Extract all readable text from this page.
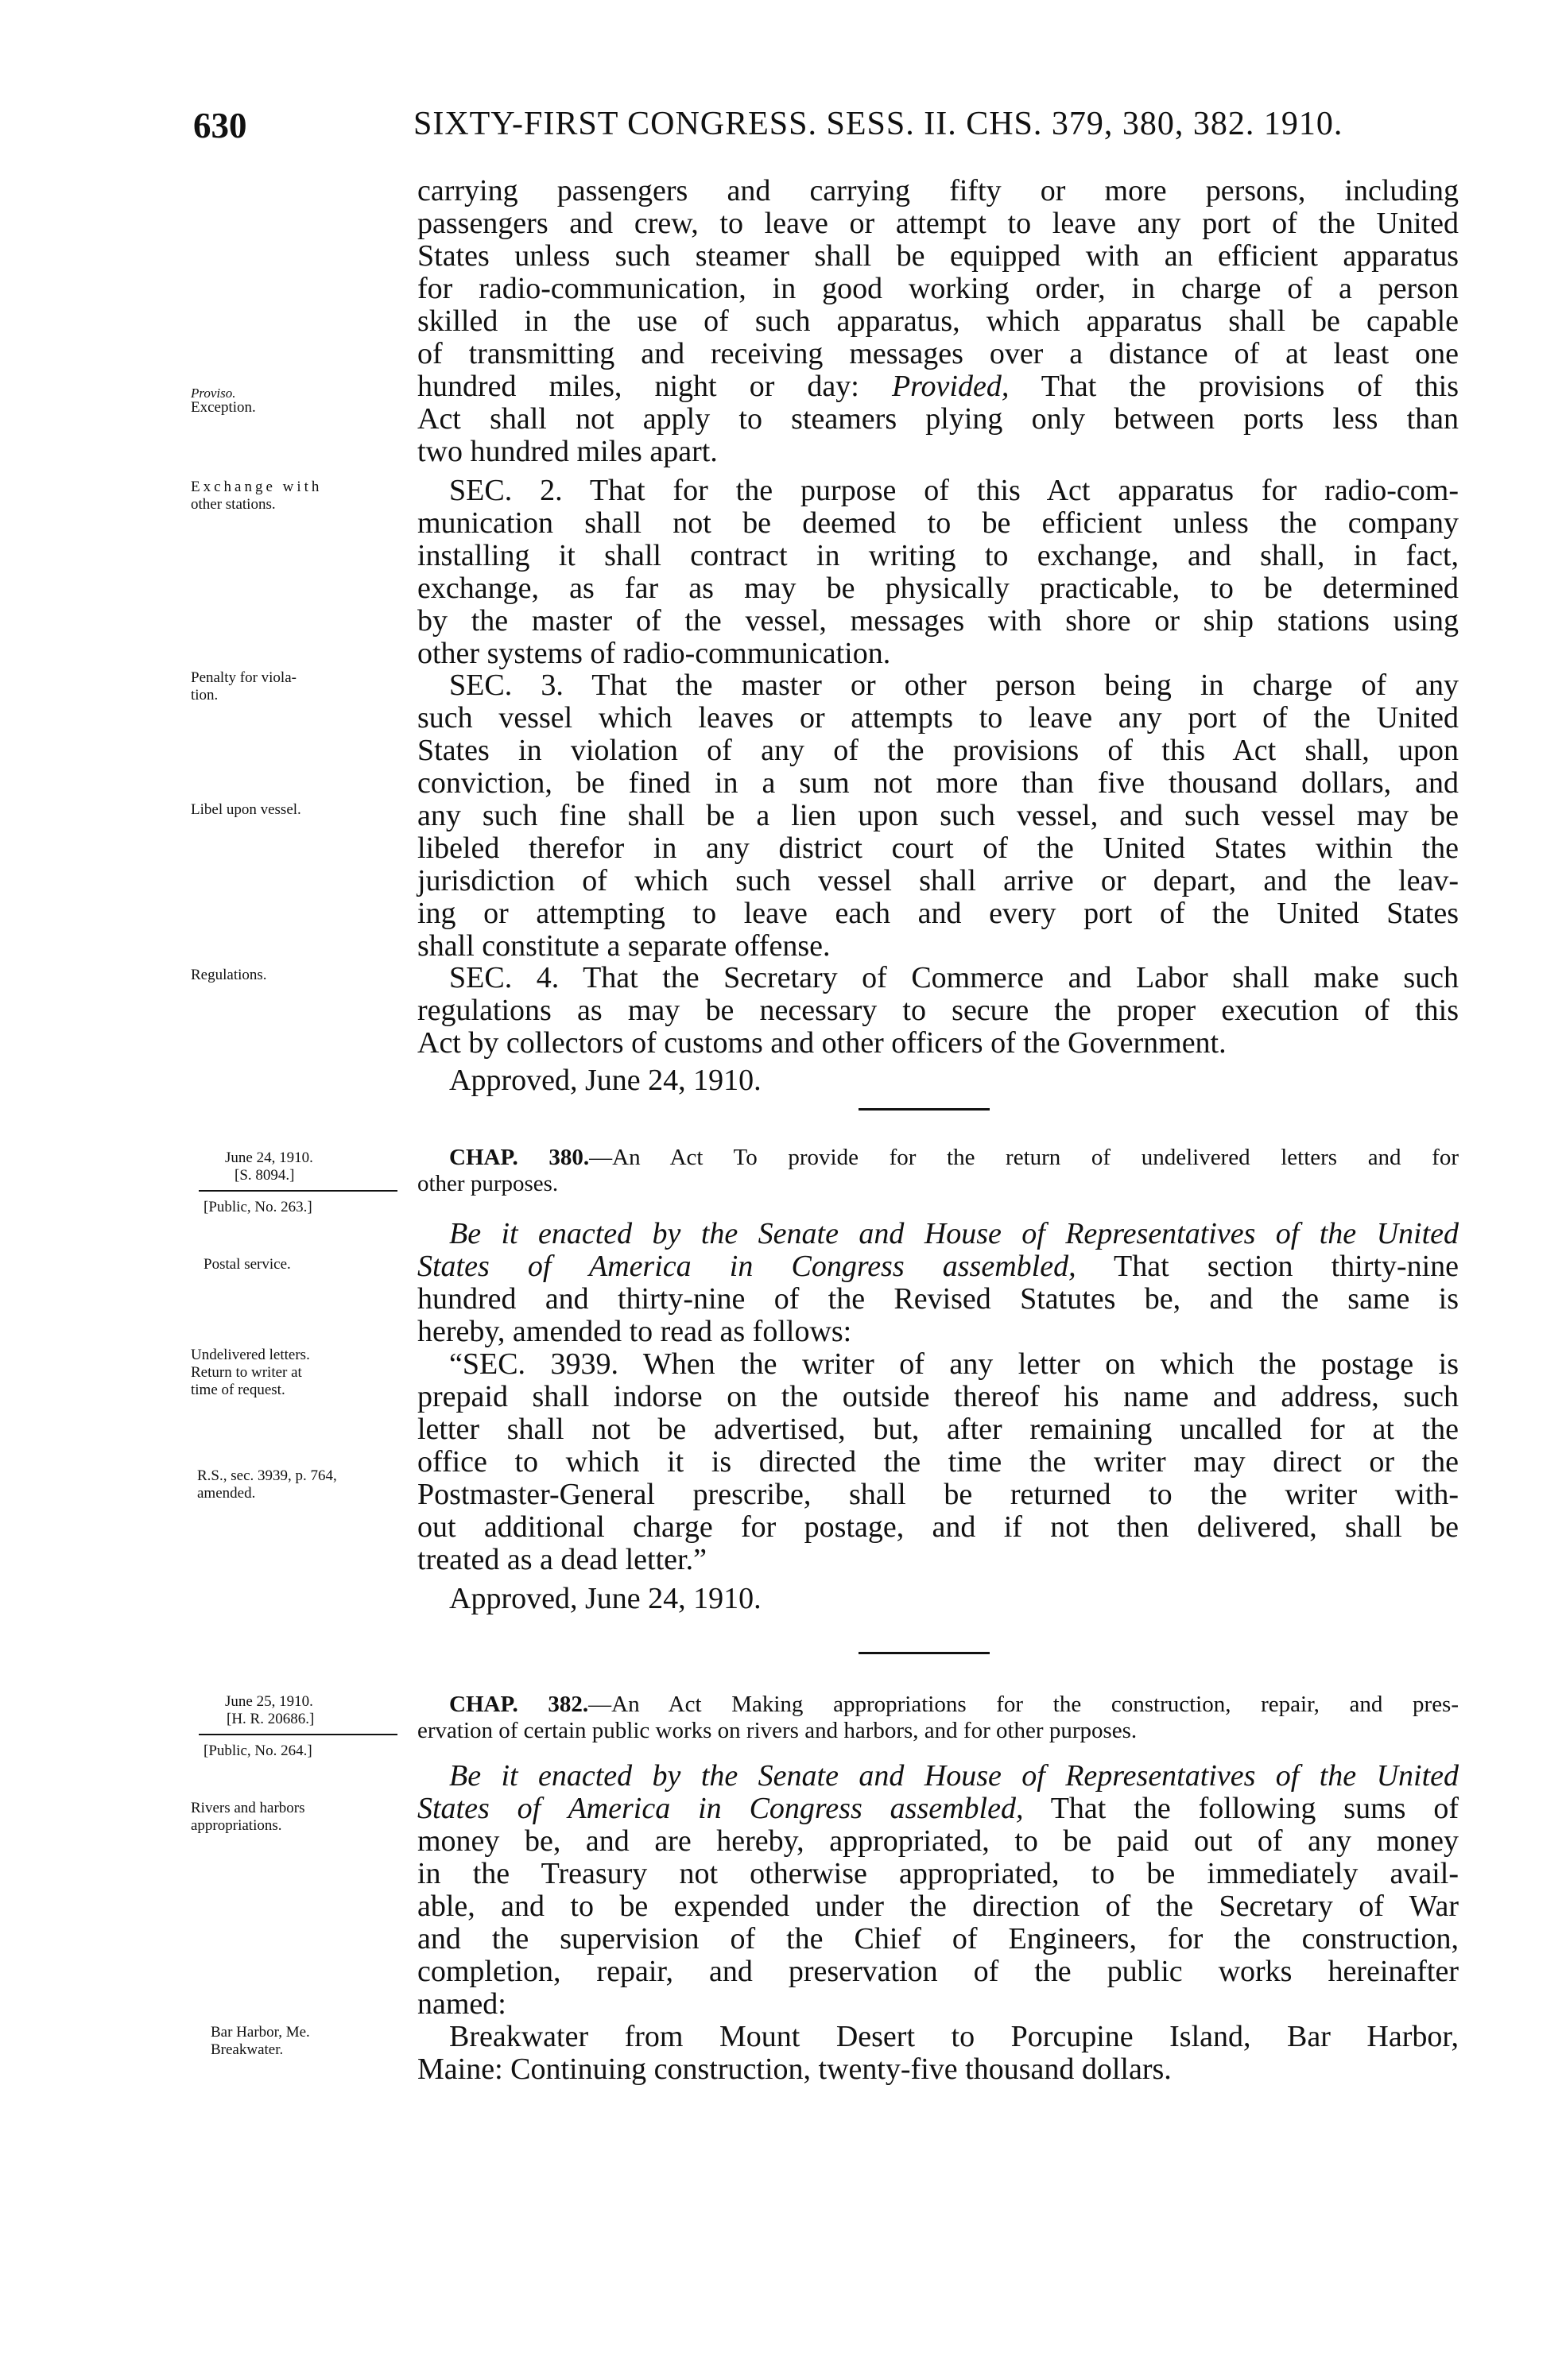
630	SIXTY-FIRST CONGRESS. SESS. II. CHS. 379, 380, 382. 1910.
carrying passengers and carrying fifty or more persons, including
passengers and crew, to leave or attempt to leave any port of the United
States unless such steamer shall be equipped with an efficient apparatus
for radio-communication, in good working order, in charge of a person
skilled in the use of such apparatus, which apparatus shall be capable
of transmitting and receiving messages over a distance of at least one
hundred miles, night or day: Provided, That the provisions of this
Act shall not apply to steamers plying only between ports less than
two hundred miles apart.
Proviso.
Exception.
SEC. 2. That for the purpose of this Act apparatus for radio-com-
munication shall not be deemed to be efficient unless the company
installing it shall contract in writing to exchange, and shall, in fact,
exchange, as far as may be physically practicable, to be determined
by the master of the vessel, messages with shore or ship stations using
other systems of radio-communication.
Exchange with
other stations.
SEC. 3. That the master or other person being in charge of any
such vessel which leaves or attempts to leave any port of the United
States in violation of any of the provisions of this Act shall, upon
conviction, be fined in a sum not more than five thousand dollars, and
any such fine shall be a lien upon such vessel, and such vessel may be
libeled therefor in any district court of the United States within the
jurisdiction of which such vessel shall arrive or depart, and the leav-
ing or attempting to leave each and every port of the United States
shall constitute a separate offense.
Penalty for viola-
tion.
Libel upon vessel.
SEC. 4. That the Secretary of Commerce and Labor shall make such
regulations as may be necessary to secure the proper execution of this
Act by collectors of customs and other officers of the Government.
Approved, June 24, 1910.
Regulations.
June 24, 1910.
[S. 8094.]
[Public, No. 263.]
CHAP. 380.—An Act To provide for the return of undelivered letters and for
other purposes.
Be it enacted by the Senate and House of Representatives of the United
States of America in Congress assembled, That section thirty-nine
hundred and thirty-nine of the Revised Statutes be, and the same is
hereby, amended to read as follows:
“SEC. 3939. When the writer of any letter on which the postage is
prepaid shall indorse on the outside thereof his name and address, such
letter shall not be advertised, but, after remaining uncalled for at the
office to which it is directed the time the writer may direct or the
Postmaster-General prescribe, shall be returned to the writer with-
out additional charge for postage, and if not then delivered, shall be
treated as a dead letter.”
Approved, June 24, 1910.
Postal service.
Undelivered letters.
Return to writer at
time of request.
R.S., sec. 3939, p. 764,
amended.
June 25, 1910.
[H. R. 20686.]
[Public, No. 264.]
CHAP. 382.—An Act Making appropriations for the construction, repair, and pres-
ervation of certain public works on rivers and harbors, and for other purposes.
Be it enacted by the Senate and House of Representatives of the United
States of America in Congress assembled, That the following sums of
money be, and are hereby, appropriated, to be paid out of any money
in the Treasury not otherwise appropriated, to be immediately avail-
able, and to be expended under the direction of the Secretary of War
and the supervision of the Chief of Engineers, for the construction,
completion, repair, and preservation of the public works hereinafter
named:
Breakwater from Mount Desert to Porcupine Island, Bar Harbor,
Maine: Continuing construction, twenty-five thousand dollars.
Rivers and harbors
appropriations.
Bar Harbor, Me.
Breakwater.
